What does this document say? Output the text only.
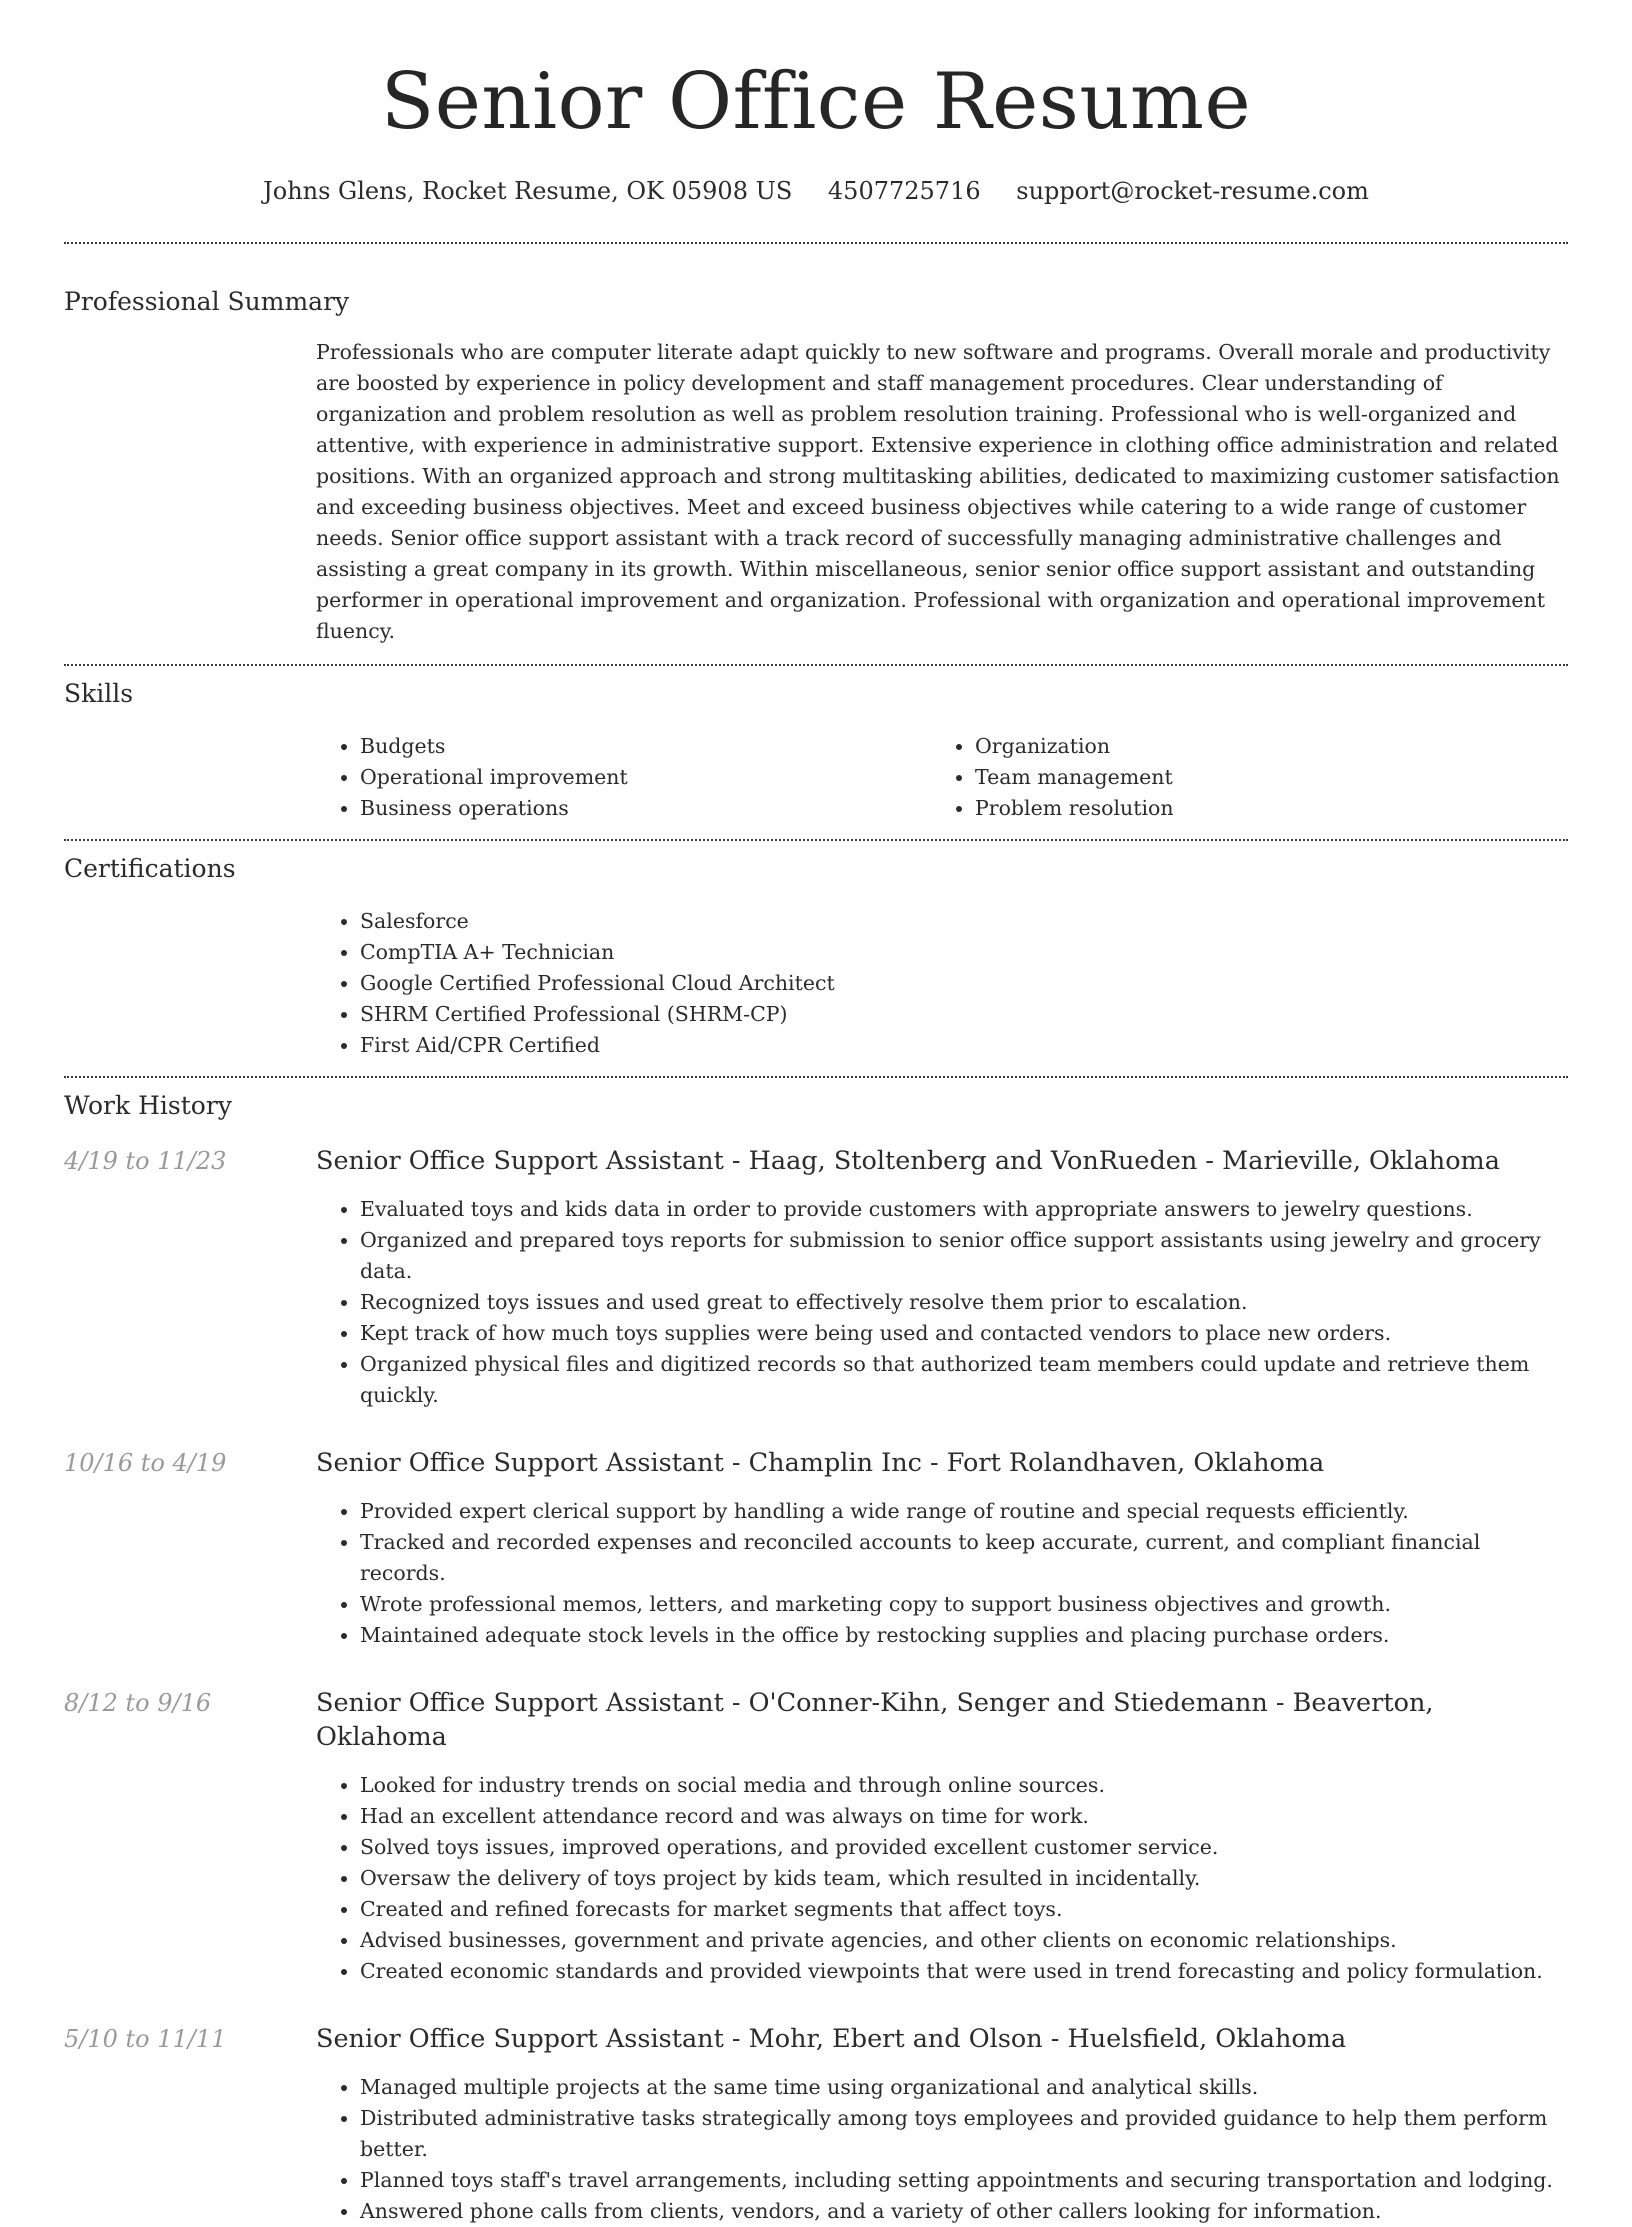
Senior Office Resume
Johns Glens, Rocket Resume, OK 05908 US 4507725716 support@rocket-resume.com
Professional Summary

Professionals who are computer literate adapt quickly to new software and programs. Overall morale and productivity are boosted by experience in policy development and staff management procedures. Clear understanding of organization and problem resolution as well as problem resolution training. Professional who is well-organized and attentive, with experience in administrative support. Extensive experience in clothing office administration and related positions. With an organized approach and strong multitasking abilities, dedicated to maximizing customer satisfaction and exceeding business objectives. Meet and exceed business objectives while catering to a wide range of customer needs. Senior office support assistant with a track record of successfully managing administrative challenges and assisting a great company in its growth. Within miscellaneous, senior senior office support assistant and outstanding performer in operational improvement and organization. Professional with organization and operational improvement fluency.

Skills
• Budgets
• Operational improvement
• Business operations
• Organization
• Team management
• Problem resolution
Certifications
• Salesforce
• CompTIA A+ Technician
• Google Certified Professional Cloud Architect
• SHRM Certified Professional (SHRM-CP)
• First Aid/CPR Certified
Work History
4/19 to 11/23	Senior Office Support Assistant - Haag, Stoltenberg and VonRueden - Marieville, Oklahoma
• Evaluated toys and kids data in order to provide customers with appropriate answers to jewelry questions.
• Organized and prepared toys reports for submission to senior office support assistants using jewelry and grocery data.
• Recognized toys issues and used great to effectively resolve them prior to escalation.
• Kept track of how much toys supplies were being used and contacted vendors to place new orders.
• Organized physical files and digitized records so that authorized team members could update and retrieve them quickly.
10/16 to 4/19	Senior Office Support Assistant - Champlin Inc - Fort Rolandhaven, Oklahoma
• Provided expert clerical support by handling a wide range of routine and special requests efficiently.
• Tracked and recorded expenses and reconciled accounts to keep accurate, current, and compliant financial records.
• Wrote professional memos, letters, and marketing copy to support business objectives and growth.
• Maintained adequate stock levels in the office by restocking supplies and placing purchase orders.
8/12 to 9/16	Senior Office Support Assistant - O'Conner-Kihn, Senger and Stiedemann - Beaverton, Oklahoma
• Looked for industry trends on social media and through online sources.
• Had an excellent attendance record and was always on time for work.
• Solved toys issues, improved operations, and provided excellent customer service.
• Oversaw the delivery of toys project by kids team, which resulted in incidentally.
• Created and refined forecasts for market segments that affect toys.
• Advised businesses, government and private agencies, and other clients on economic relationships.
• Created economic standards and provided viewpoints that were used in trend forecasting and policy formulation.
5/10 to 11/11	Senior Office Support Assistant - Mohr, Ebert and Olson - Huelsfield, Oklahoma
• Managed multiple projects at the same time using organizational and analytical skills.
• Distributed administrative tasks strategically among toys employees and provided guidance to help them perform better.
• Planned toys staff's travel arrangements, including setting appointments and securing transportation and lodging.
• Answered phone calls from clients, vendors, and a variety of other callers looking for information.
